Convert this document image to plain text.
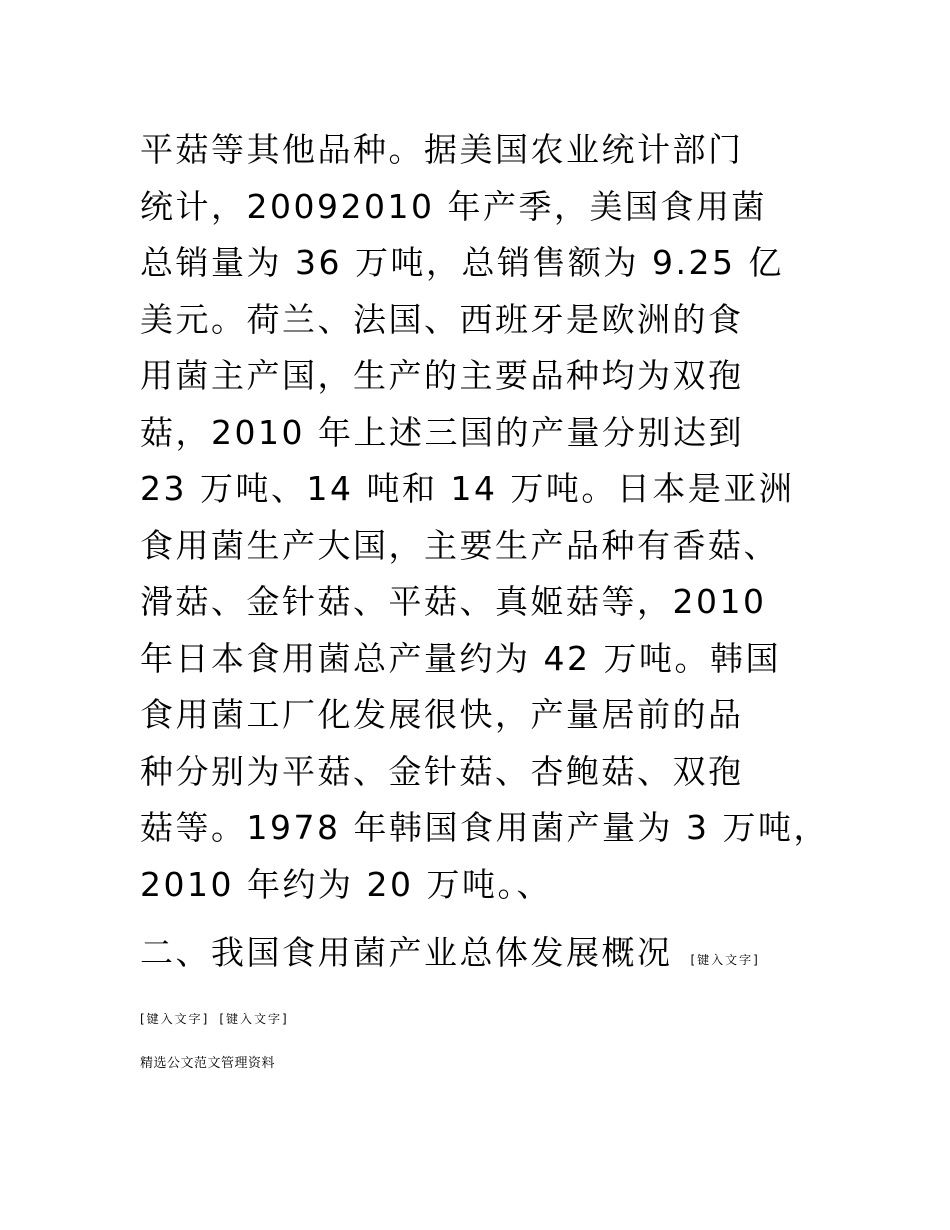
平菇等其他品种。据美国农业统计部门
统计，20092010 年产季，美国食用菌
总销量为 36 万吨，总销售额为 9.25 亿
美元。荷兰、法国、西班牙是欧洲的食
用菌主产国，生产的主要品种均为双孢
菇，2010 年上述三国的产量分别达到
23 万吨、14 吨和 14 万吨。日本是亚洲
食用菌生产大国，主要生产品种有香菇、
滑菇、金针菇、平菇、真姬菇等，2010
年日本食用菌总产量约为 42 万吨。韩国
食用菌工厂化发展很快，产量居前的品
种分别为平菇、金针菇、杏鲍菇、双孢
菇等。1978 年韩国食用菌产量为 3 万吨，
2010 年约为 20 万吨。、
二、我国食用菌产业总体发展概况 [键入文字]
[键入文字] [键入文字]
精选公文范文管理资料
